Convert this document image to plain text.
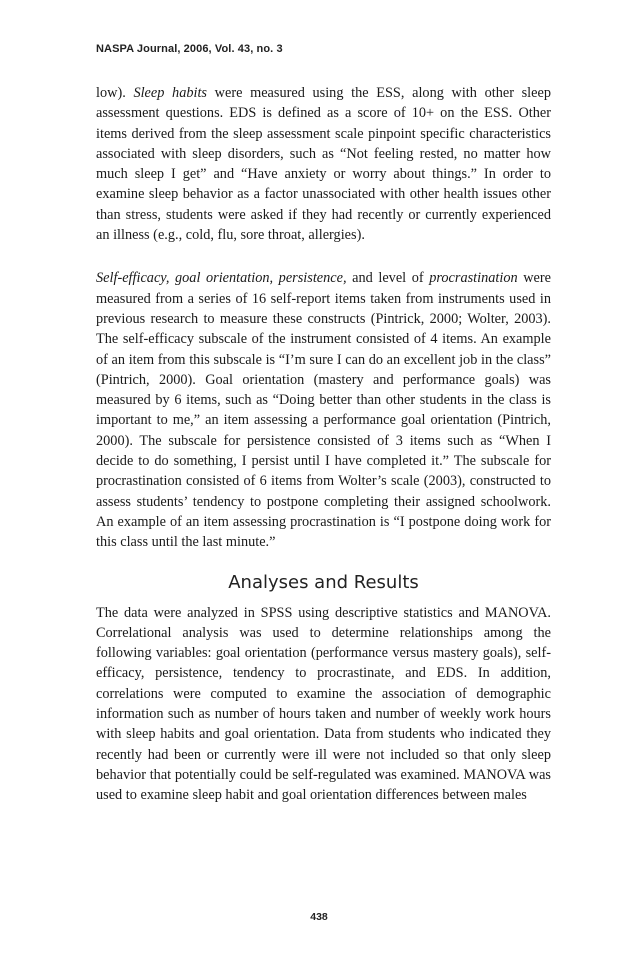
NASPA Journal, 2006, Vol. 43, no. 3

low). Sleep habits were measured using the ESS, along with other sleep assessment questions. EDS is defined as a score of 10+ on the ESS. Other items derived from the sleep assessment scale pinpoint specific characteristics associated with sleep disorders, such as “Not feeling rested, no matter how much sleep I get” and “Have anxiety or worry about things.” In order to examine sleep behavior as a factor unassociated with other health issues other than stress, students were asked if they had recently or currently experienced an illness (e.g., cold, flu, sore throat, allergies).

Self-efficacy, goal orientation, persistence, and level of procrastination were measured from a series of 16 self-report items taken from instruments used in previous research to measure these constructs (Pintrick, 2000; Wolter, 2003). The self-efficacy subscale of the instrument consisted of 4 items. An example of an item from this subscale is “I’m sure I can do an excellent job in the class” (Pintrich, 2000). Goal orientation (mastery and performance goals) was measured by 6 items, such as “Doing better than other students in the class is important to me,” an item assessing a performance goal orientation (Pintrich, 2000). The subscale for persistence consisted of 3 items such as “When I decide to do something, I persist until I have completed it.” The subscale for procrastination consisted of 6 items from Wolter’s scale (2003), constructed to assess students’ tendency to postpone completing their assigned schoolwork. An example of an item assessing procrastination is “I postpone doing work for this class until the last minute.”

Analyses and Results

The data were analyzed in SPSS using descriptive statistics and MANOVA. Correlational analysis was used to determine relationships among the following variables: goal orientation (performance versus mastery goals), self-efficacy, persistence, tendency to procrastinate, and EDS. In addition, correlations were computed to examine the association of demographic information such as number of hours taken and number of weekly work hours with sleep habits and goal orientation. Data from students who indicated they recently had been or currently were ill were not included so that only sleep behavior that potentially could be self-regulated was examined. MANOVA was used to examine sleep habit and goal orientation differences between males

438
